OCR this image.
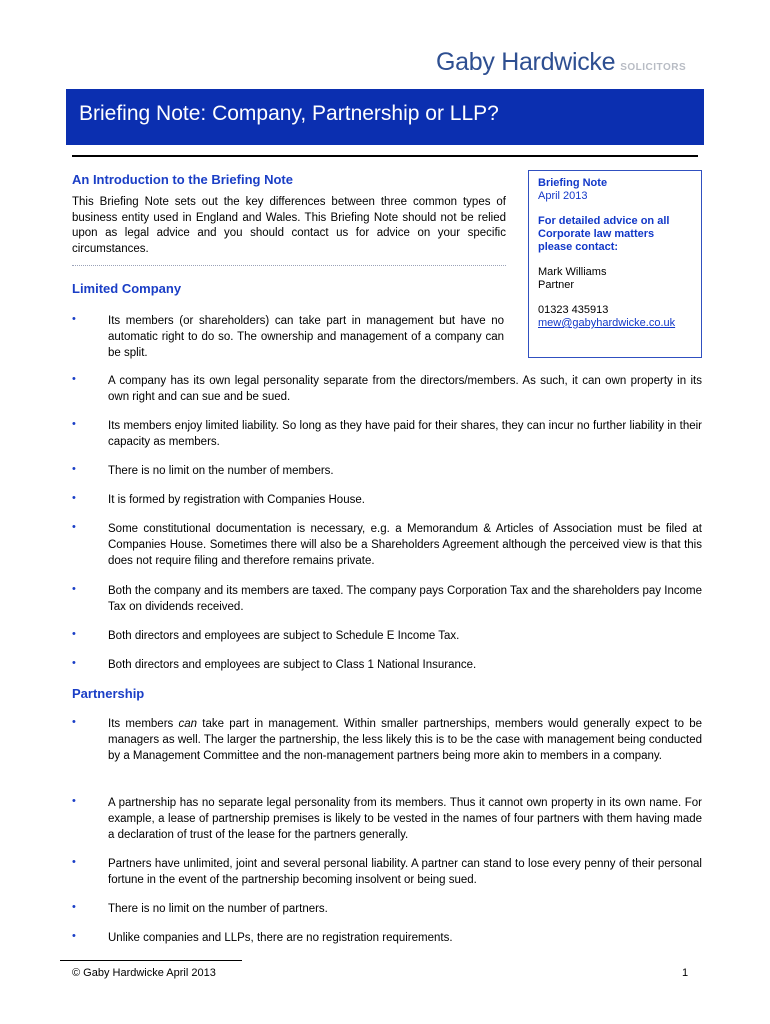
Gaby Hardwicke SOLICITORS
Briefing Note: Company, Partnership or LLP?
Briefing Note
April 2013
For detailed advice on all
Corporate law matters
please contact:
Mark Williams
Partner
01323 435913
mew@gabyhardwicke.co.uk
An Introduction to the Briefing Note
This Briefing Note sets out the key differences between three common types of business entity used in England and Wales. This Briefing Note should not be relied upon as legal advice and you should contact us for advice on your specific circumstances.
Limited Company
•	Its members (or shareholders) can take part in management but have no automatic right to do so. The ownership and management of a company can be split.
•	A company has its own legal personality separate from the directors/members. As such, it can own property in its own right and can sue and be sued.
•	Its members enjoy limited liability. So long as they have paid for their shares, they can incur no further liability in their capacity as members.
•	There is no limit on the number of members.
•	It is formed by registration with Companies House.
•	Some constitutional documentation is necessary, e.g. a Memorandum & Articles of Association must be filed at Companies House. Sometimes there will also be a Shareholders Agreement although the perceived view is that this does not require filing and therefore remains private.
•	Both the company and its members are taxed. The company pays Corporation Tax and the shareholders pay Income Tax on dividends received.
•	Both directors and employees are subject to Schedule E Income Tax.
•	Both directors and employees are subject to Class 1 National Insurance.
Partnership
•	Its members can take part in management. Within smaller partnerships, members would generally expect to be managers as well. The larger the partnership, the less likely this is to be the case with management being conducted by a Management Committee and the non-management partners being more akin to members in a company.
•	A partnership has no separate legal personality from its members. Thus it cannot own property in its own name. For example, a lease of partnership premises is likely to be vested in the names of four partners with them having made a declaration of trust of the lease for the partners generally.
•	Partners have unlimited, joint and several personal liability. A partner can stand to lose every penny of their personal fortune in the event of the partnership becoming insolvent or being sued.
•	There is no limit on the number of partners.
•	Unlike companies and LLPs, there are no registration requirements.
© Gaby Hardwicke April 2013	1
